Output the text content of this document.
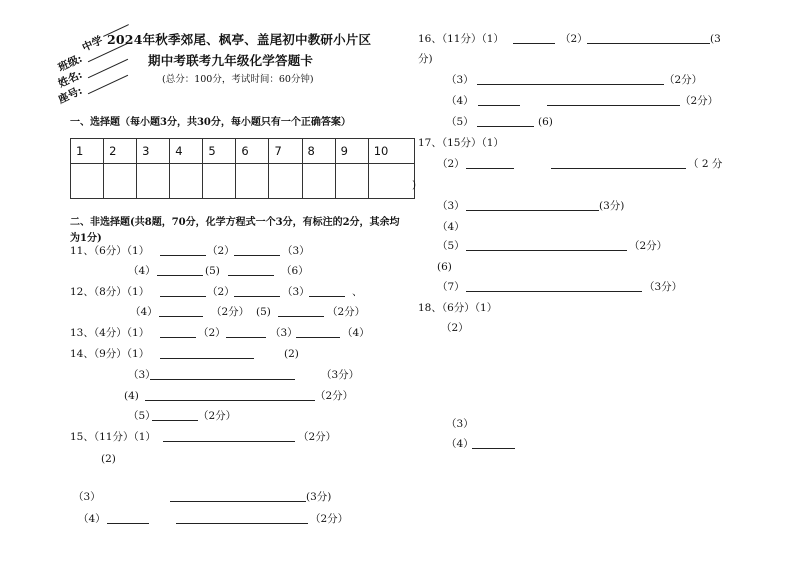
中学
班级:
姓名:
座号:
2024年秋季郊尾、枫亭、盖尾初中教研小片区
期中考联考九年级化学答题卡
(总分：100分，考试时间：60分钟)
一、选择题（每小题3分，共30分，每小题只有一个正确答案）
1	2	3	4	5	6	7	8	9	10

)
二、非选择题(共8题，70分，化学方程式一个3分，有标注的2分，其余均
为1分)
11、（6分）（1）	（2）	（3）
（4）	(5)	（6）
12、（8分）（1）	（2）	（3）	、
（4）	（2分） (5)	（2分）
13、（4分）（1）	（2）	（3）	（4）
14、（9分）（1）	(2)
（3）	（3分）
(4)	（2分）
（5）	（2分）
15、（11分）（1）	（2分）
(2)
（3）	(3分)
（4）	（2分）
16、（11分）（1）	（2）	(3
分)
（3）	（2分）
（4）	（2分）
（5）	(6)
17、（15分）（1）
（2）	（ 2 分
（3）	(3分)
（4）
（5）	（2分）
(6)
（7）	（3分）
18、（6分）（1）
（2）
（3）
（4）
